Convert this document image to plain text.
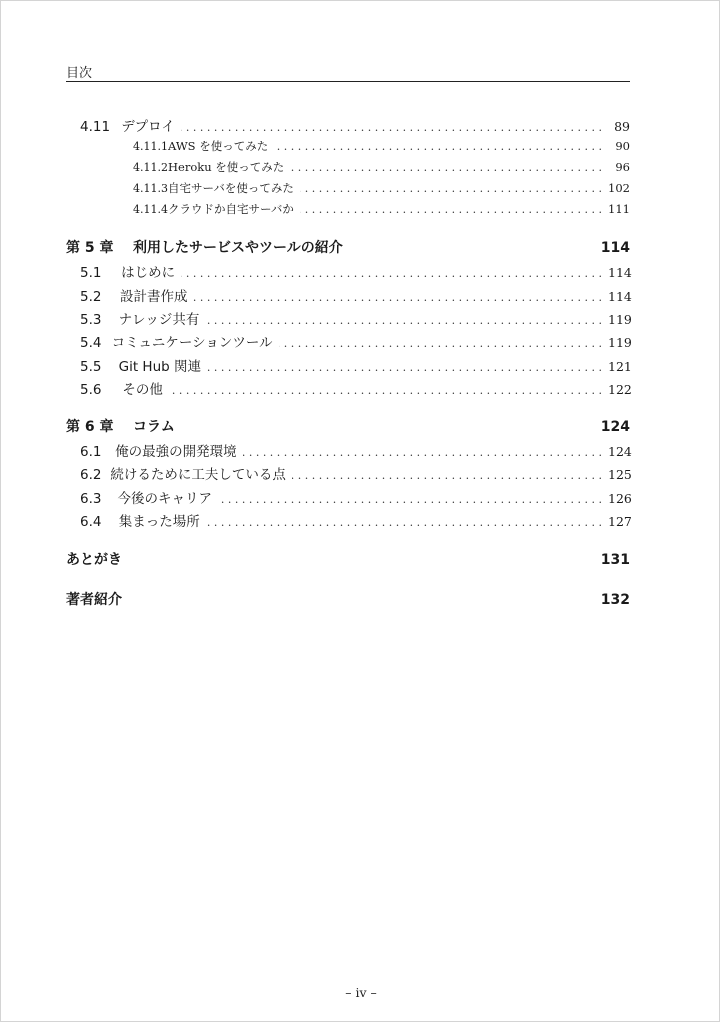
目次
4.11 デプロイ . . .	89
4.11.1 AWS を使ってみた . . .	90
4.11.2 Heroku を使ってみた . . .	96
4.11.3 自宅サーバを使ってみた . . .	102
4.11.4 クラウドか自宅サーバか . . .	111
第 5 章	利用したサービスやツールの紹介	114
5.1	はじめに . . .	114
5.2	設計書作成 . . .	114
5.3	ナレッジ共有 . . .	119
5.4 コミュニケーションツール . . .	119
5.5	Git Hub 関連 . . .	121
5.6	その他 . . .	122
第 6 章	コラム	124
6.1	俺の最強の開発環境 . . .	124
6.2 続けるために工夫している点 . . .	125
6.3	今後のキャリア . . .	126
6.4	集まった場所 . . .	127
あとがき	131
著者紹介	132
– iv –
